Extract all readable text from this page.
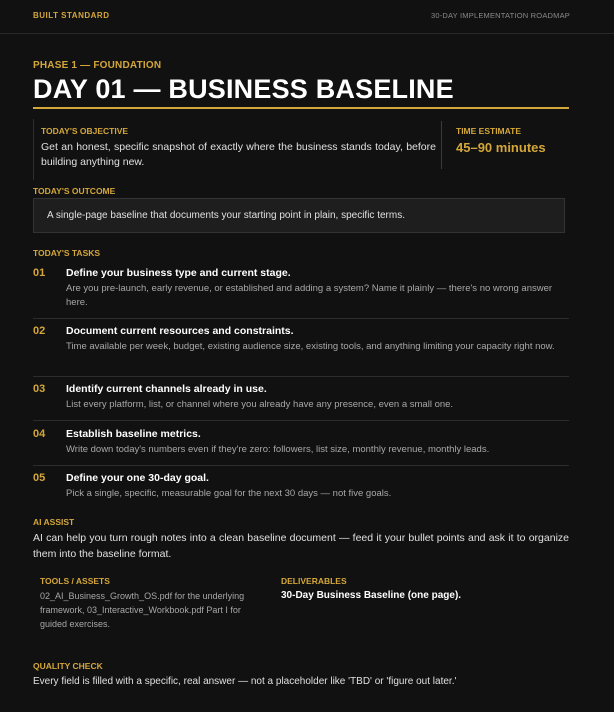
BUILT STANDARD	30-DAY IMPLEMENTATION ROADMAP
PHASE 1 — FOUNDATION
DAY 01 — BUSINESS BASELINE
TODAY'S OBJECTIVE
Get an honest, specific snapshot of exactly where the business stands today, before building anything new.
TIME ESTIMATE
45–90 minutes
TODAY'S OUTCOME
A single-page baseline that documents your starting point in plain, specific terms.
TODAY'S TASKS
01 Define your business type and current stage.
Are you pre-launch, early revenue, or established and adding a system? Name it plainly — there's no wrong answer here.
02 Document current resources and constraints.
Time available per week, budget, existing audience size, existing tools, and anything limiting your capacity right now.
03 Identify current channels already in use.
List every platform, list, or channel where you already have any presence, even a small one.
04 Establish baseline metrics.
Write down today's numbers even if they're zero: followers, list size, monthly revenue, monthly leads.
05 Define your one 30-day goal.
Pick a single, specific, measurable goal for the next 30 days — not five goals.
AI ASSIST
AI can help you turn rough notes into a clean baseline document — feed it your bullet points and ask it to organize them into the baseline format.
TOOLS / ASSETS
02_AI_Business_Growth_OS.pdf for the underlying framework, 03_Interactive_Workbook.pdf Part I for guided exercises.
DELIVERABLES
30-Day Business Baseline (one page).
QUALITY CHECK
Every field is filled with a specific, real answer — not a placeholder like 'TBD' or 'figure out later.'
